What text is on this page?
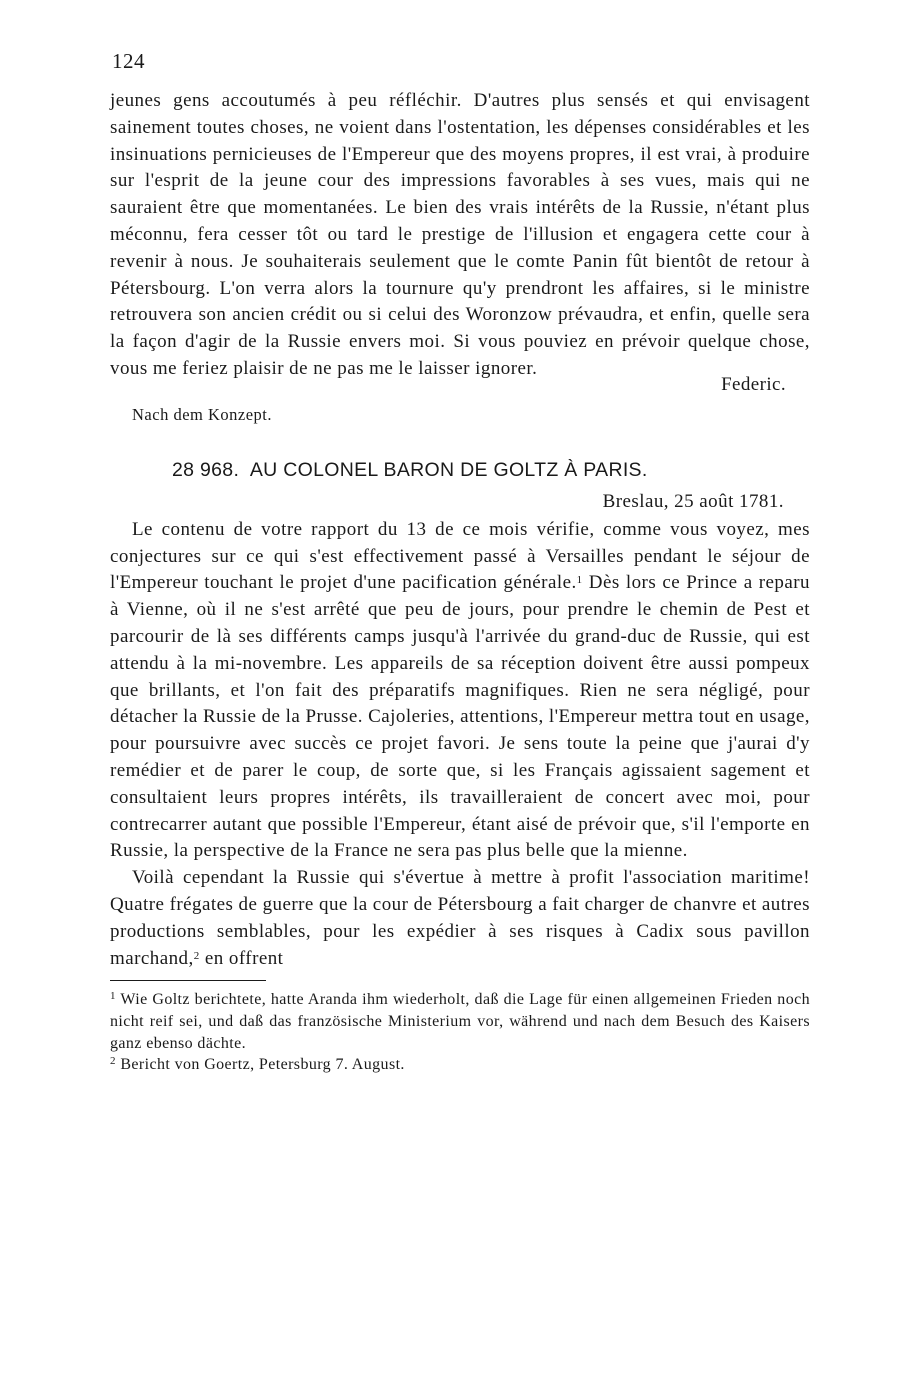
124

jeunes gens accoutumés à peu réfléchir. D'autres plus sensés et qui envisagent sainement toutes choses, ne voient dans l'ostentation, les dépenses considérables et les insinuations pernicieuses de l'Empereur que des moyens propres, il est vrai, à produire sur l'esprit de la jeune cour des impressions favorables à ses vues, mais qui ne sauraient être que momentanées. Le bien des vrais intérêts de la Russie, n'étant plus méconnu, fera cesser tôt ou tard le prestige de l'illusion et engagera cette cour à revenir à nous. Je souhaiterais seulement que le comte Panin fût bientôt de retour à Pétersbourg. L'on verra alors la tournure qu'y prendront les affaires, si le ministre retrouvera son ancien crédit ou si celui des Woronzow prévaudra, et enfin, quelle sera la façon d'agir de la Russie envers moi. Si vous pouviez en prévoir quelque chose, vous me feriez plaisir de ne pas me le laisser ignorer.

Federic.
Nach dem Konzept.
28 968. AU COLONEL BARON DE GOLTZ À PARIS.
Breslau, 25 août 1781.

Le contenu de votre rapport du 13 de ce mois vérifie, comme vous voyez, mes conjectures sur ce qui s'est effectivement passé à Versailles pendant le séjour de l'Empereur touchant le projet d'une pacification générale.$^1$ Dès lors ce Prince a reparu à Vienne, où il ne s'est arrêté que peu de jours, pour prendre le chemin de Pest et parcourir de là ses différents camps jusqu'à l'arrivée du grand-duc de Russie, qui est attendu à la mi-novembre. Les appareils de sa réception doivent être aussi pompeux que brillants, et l'on fait des préparatifs magnifiques. Rien ne sera négligé, pour détacher la Russie de la Prusse. Cajoleries, attentions, l'Empereur mettra tout en usage, pour poursuivre avec succès ce projet favori. Je sens toute la peine que j'aurai d'y remédier et de parer le coup, de sorte que, si les Français agissaient sagement et consultaient leurs propres intérêts, ils travailleraient de concert avec moi, pour contrecarrer autant que possible l'Empereur, étant aisé de prévoir que, s'il l'emporte en Russie, la perspective de la France ne sera pas plus belle que la mienne.

Voilà cependant la Russie qui s'évertue à mettre à profit l'association maritime! Quatre frégates de guerre que la cour de Pétersbourg a fait charger de chanvre et autres productions semblables, pour les expédier à ses risques à Cadix sous pavillon marchand,$^2$ en offrent

$^1$ Wie Goltz berichtete, hatte Aranda ihm wiederholt, daß die Lage für einen allgemeinen Frieden noch nicht reif sei, und daß das französische Ministerium vor, während und nach dem Besuch des Kaisers ganz ebenso dächte.

$^2$ Bericht von Goertz, Petersburg 7. August.
